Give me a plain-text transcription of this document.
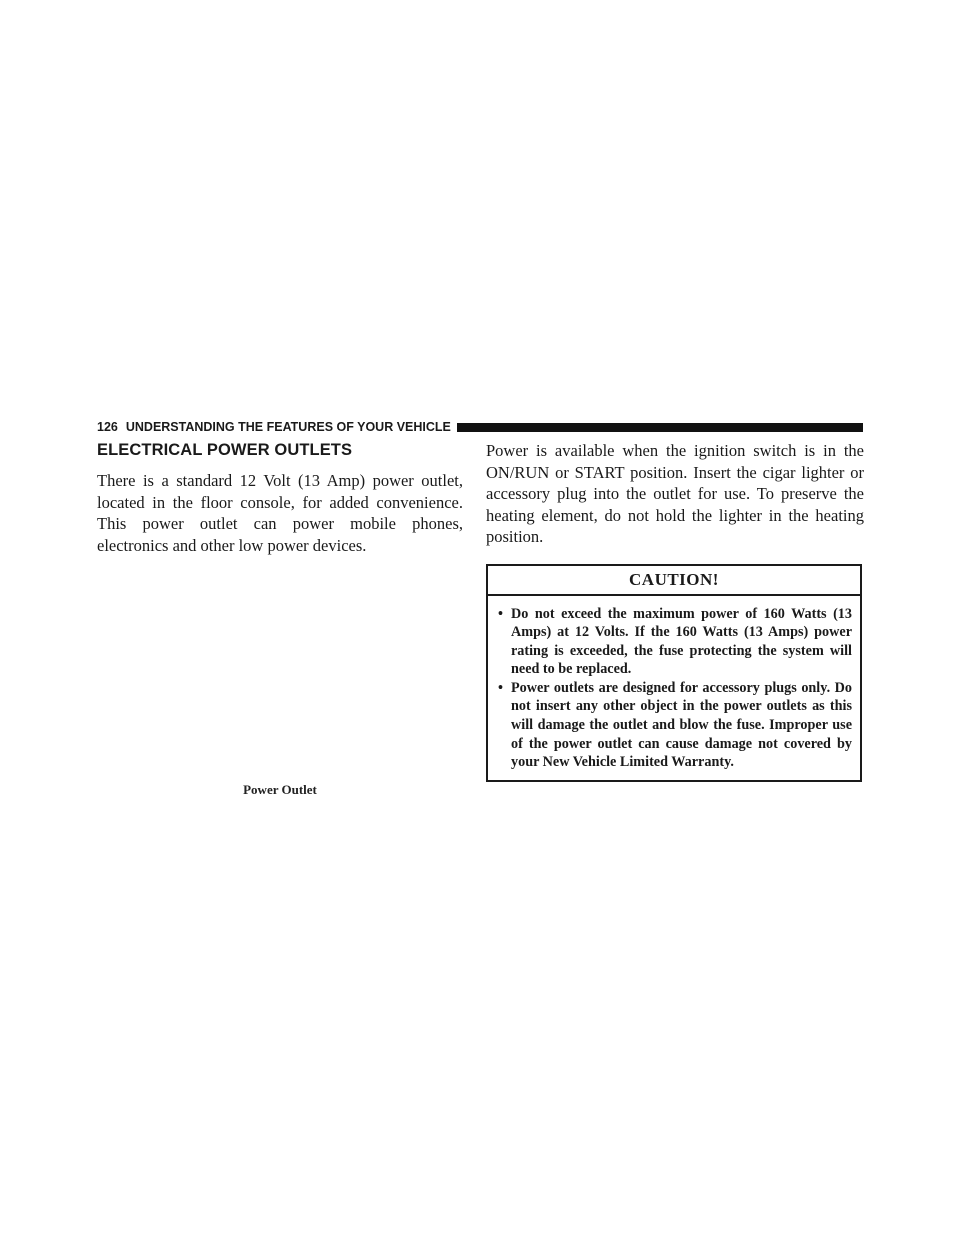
126 UNDERSTANDING THE FEATURES OF YOUR VEHICLE
ELECTRICAL POWER OUTLETS

There is a standard 12 Volt (13 Amp) power outlet, located in the floor console, for added convenience. This power outlet can power mobile phones, electronics and other low power devices.

Power Outlet

Power is available when the ignition switch is in the ON/RUN or START position. Insert the cigar lighter or accessory plug into the outlet for use. To preserve the heating element, do not hold the lighter in the heating position.

CAUTION!
• Do not exceed the maximum power of 160 Watts (13 Amps) at 12 Volts. If the 160 Watts (13 Amps) power rating is exceeded, the fuse protecting the system will need to be replaced.
• Power outlets are designed for accessory plugs only. Do not insert any other object in the power outlets as this will damage the outlet and blow the fuse. Improper use of the power outlet can cause damage not covered by your New Vehicle Limited Warranty.
